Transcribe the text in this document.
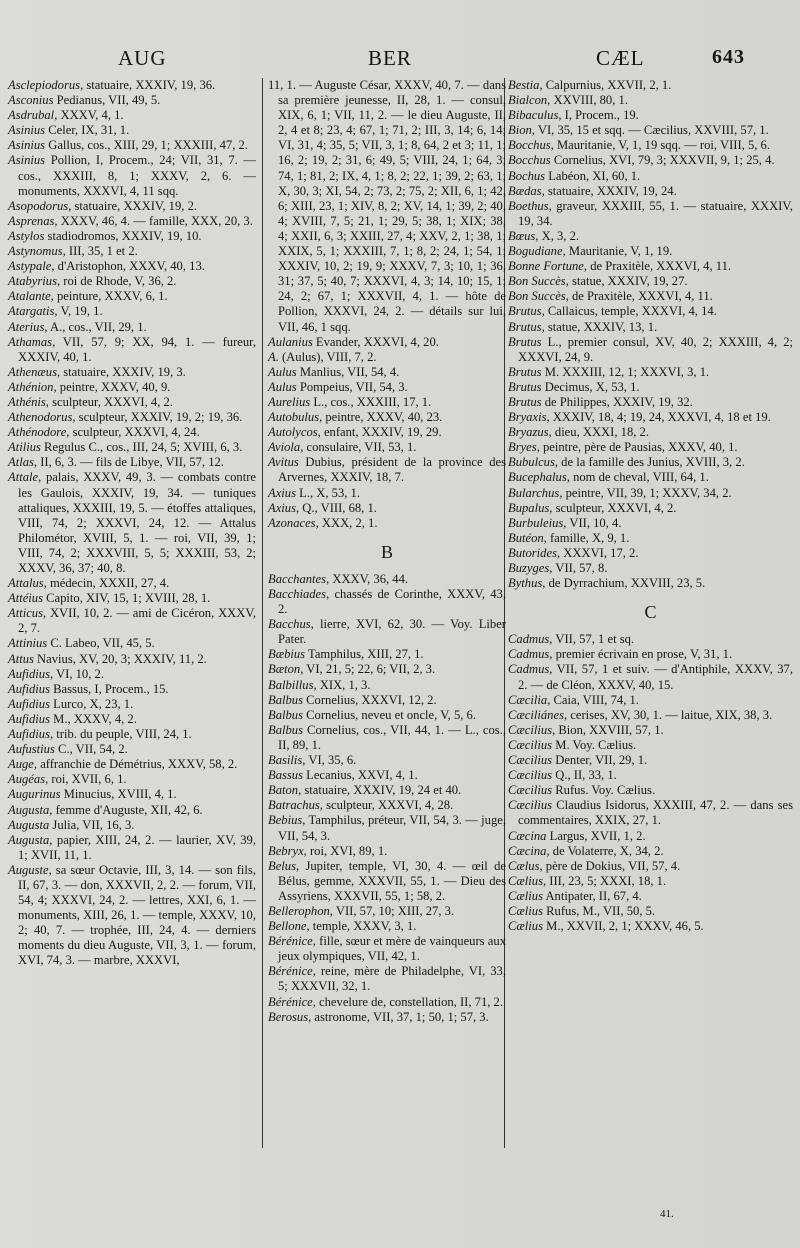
AUG	BER	CÆL	643

Asclepiodorus, statuaire, XXXIV, 19, 36.

Asconius Pedianus, VII, 49, 5.

Asdrubal, XXXV, 4, 1.

Asinius Celer, IX, 31, 1.

Asinius Gallus, cos., XIII, 29, 1; XXXIII, 47, 2.

Asinius Pollion, I, Procem., 24; VII, 31, 7. — cos., XXXIII, 8, 1; XXXV, 2, 6. — monuments, XXXVI, 4, 11 sqq.

Asopodorus, statuaire, XXXIV, 19, 2.

Asprenas, XXXV, 46, 4. — famille, XXX, 20, 3.

Astylos stadiodromos, XXXIV, 19, 10.

Astynomus, III, 35, 1 et 2.

Astypale, d'Aristophon, XXXV, 40, 13.

Atabyrius, roi de Rhode, V, 36, 2.

Atalante, peinture, XXXV, 6, 1.

Atargatis, V, 19, 1.

Aterius, A., cos., VII, 29, 1.

Athamas, VII, 57, 9; XX, 94, 1. — fureur, XXXIV, 40, 1.

Athenæus, statuaire, XXXIV, 19, 3.

Athénion, peintre, XXXV, 40, 9.

Athénis, sculpteur, XXXVI, 4, 2.

Athenodorus, sculpteur, XXXIV, 19, 2; 19, 36.

Athénodore, sculpteur, XXXVI, 4, 24.

Atilius Regulus C., cos., III, 24, 5; XVIII, 6, 3.

Atlas, II, 6, 3. — fils de Libye, VII, 57, 12.

Attale, palais, XXXV, 49, 3. — combats contre les Gaulois, XXXIV, 19, 34. — tuniques attaliques, XXXIII, 19, 5. — étoffes attaliques, VIII, 74, 2; XXXVI, 24, 12. — Attalus Philométor, XVIII, 5, 1. — roi, VII, 39, 1; VIII, 74, 2; XXXVIII, 5, 5; XXXIII, 53, 2; XXXV, 36, 37; 40, 8.

Attalus, médecin, XXXII, 27, 4.

Attéius Capito, XIV, 15, 1; XVIII, 28, 1.

Atticus, XVII, 10, 2. — ami de Cicéron, XXXV, 2, 7.

Attinius C. Labeo, VII, 45, 5.

Attus Navius, XV, 20, 3; XXXIV, 11, 2.

Aufidius, VI, 10, 2.

Aufidius Bassus, I, Procem., 15.

Aufidius Lurco, X, 23, 1.

Aufidius M., XXXV, 4, 2.

Aufidius, trib. du peuple, VIII, 24, 1.

Aufustius C., VII, 54, 2.

Auge, affranchie de Démétrius, XXXV, 58, 2.

Augéas, roi, XVII, 6, 1.

Augurinus Minucius, XVIII, 4, 1.

Augusta, femme d'Auguste, XII, 42, 6.

Augusta Julia, VII, 16, 3.

Augusta, papier, XIII, 24, 2. — laurier, XV, 39, 1; XVII, 11, 1.

Auguste, sa sœur Octavie, III, 3, 14. — son fils, II, 67, 3. — don, XXXVII, 2, 2. — forum, VII, 54, 4; XXXVI, 24, 2. — lettres, XXI, 6, 1. — monuments, XIII, 26, 1. — temple, XXXV, 10, 2; 40, 7. — trophée, III, 24, 4. — derniers moments du dieu Auguste, VII, 3, 1. — forum, XVI, 74, 3. — marbre, XXXVI,

11, 1. — Auguste César, XXXV, 40, 7. — dans sa première jeunesse, II, 28, 1. — consul, XIX, 6, 1; VII, 11, 2. — le dieu Auguste, II, 2, 4 et 8; 23, 4; 67, 1; 71, 2; III, 3, 14; 6, 14; VI, 31, 4; 35, 5; VII, 3, 1; 8, 64, 2 et 3; 11, 1; 16, 2; 19, 2; 31, 6; 49, 5; VIII, 24, 1; 64, 3; 74, 1; 81, 2; IX, 4, 1; 8, 2; 22, 1; 39, 2; 63, 1; X, 30, 3; XI, 54, 2; 73, 2; 75, 2; XII, 6, 1; 42, 6; XIII, 23, 1; XIV, 8, 2; XV, 14, 1; 39, 2; 40, 4; XVIII, 7, 5; 21, 1; 29, 5; 38, 1; XIX; 38, 4; XXII, 6, 3; XXIII, 27, 4; XXV, 2, 1; 38, 1; XXIX, 5, 1; XXXIII, 7, 1; 8, 2; 24, 1; 54, 1; XXXIV, 10, 2; 19, 9; XXXV, 7, 3; 10, 1; 36, 31; 37, 5; 40, 7; XXXVI, 4, 3; 14, 10; 15, 1; 24, 2; 67, 1; XXXVII, 4, 1. — hôte de Pollion, XXXVI, 24, 2. — détails sur lui, VII, 46, 1 sqq.

Aulanius Evander, XXXVI, 4, 20.

A. (Aulus), VIII, 7, 2.

Aulus Manlius, VII, 54, 4.

Aulus Pompeius, VII, 54, 3.

Aurelius L., cos., XXXIII, 17, 1.

Autobulus, peintre, XXXV, 40, 23.

Autolycos, enfant, XXXIV, 19, 29.

Aviola, consulaire, VII, 53, 1.

Avitus Dubius, président de la province des Arvernes, XXXIV, 18, 7.

Axius L., X, 53, 1.

Axius, Q., VIII, 68, 1.

Azonaces, XXX, 2, 1.

B

Bacchantes, XXXV, 36, 44.

Bacchiades, chassés de Corinthe, XXXV, 43, 2.

Bacchus, lierre, XVI, 62, 30. — Voy. Liber Pater.

Bæbius Tamphilus, XIII, 27, 1.

Bæton, VI, 21, 5; 22, 6; VII, 2, 3.

Balbillus, XIX, 1, 3.

Balbus Cornelius, XXXVI, 12, 2.

Balbus Cornelius, neveu et oncle, V, 5, 6.

Balbus Cornelius, cos., VII, 44, 1. — L., cos., II, 89, 1.

Basilis, VI, 35, 6.

Bassus Lecanius, XXVI, 4, 1.

Baton, statuaire, XXXIV, 19, 24 et 40.

Batrachus, sculpteur, XXXVI, 4, 28.

Bebius, Tamphilus, préteur, VII, 54, 3. — juge, VII, 54, 3.

Bebryx, roi, XVI, 89, 1.

Belus, Jupiter, temple, VI, 30, 4. — œil de Bélus, gemme, XXXVII, 55, 1. — Dieu des Assyriens, XXXVII, 55, 1; 58, 2.

Bellerophon, VII, 57, 10; XIII, 27, 3.

Bellone, temple, XXXV, 3, 1.

Bérénice, fille, sœur et mère de vainqueurs aux jeux olympiques, VII, 42, 1.

Bérénice, reine, mère de Philadelphe, VI, 33, 5; XXXVII, 32, 1.

Bérénice, chevelure de, constellation, II, 71, 2.

Berosus, astronome, VII, 37, 1; 50, 1; 57, 3.

Bestia, Calpurnius, XXVII, 2, 1.

Bialcon, XXVIII, 80, 1.

Bibaculus, I, Procem., 19.

Bion, VI, 35, 15 et sqq. — Cæcilius, XXVIII, 57, 1.

Bocchus, Mauritanie, V, 1, 19 sqq. — roi, VIII, 5, 6.

Bocchus Cornelius, XVI, 79, 3; XXXVII, 9, 1; 25, 4.

Bochus Labéon, XI, 60, 1.

Bædas, statuaire, XXXIV, 19, 24.

Boethus, graveur, XXXIII, 55, 1. — statuaire, XXXIV, 19, 34.

Bœus, X, 3, 2.

Bogudiane, Mauritanie, V, 1, 19.

Bonne Fortune, de Praxitèle, XXXVI, 4, 11.

Bon Succès, statue, XXXIV, 19, 27.

Bon Succès, de Praxitèle, XXXVI, 4, 11.

Brutus, Callaicus, temple, XXXVI, 4, 14.

Brutus, statue, XXXIV, 13, 1.

Brutus L., premier consul, XV, 40, 2; XXXIII, 4, 2; XXXVI, 24, 9.

Brutus M. XXXIII, 12, 1; XXXVI, 3, 1.

Brutus Decimus, X, 53, 1.

Brutus de Philippes, XXXIV, 19, 32.

Bryaxis, XXXIV, 18, 4; 19, 24, XXXVI, 4, 18 et 19.

Bryazus, dieu, XXXI, 18, 2.

Bryes, peintre, père de Pausias, XXXV, 40, 1.

Bubulcus, de la famille des Junius, XVIII, 3, 2.

Bucephalus, nom de cheval, VIII, 64, 1.

Bularchus, peintre, VII, 39, 1; XXXV, 34, 2.

Bupalus, sculpteur, XXXVI, 4, 2.

Burbuleius, VII, 10, 4.

Butéon, famille, X, 9, 1.

Butorides, XXXVI, 17, 2.

Buzyges, VII, 57, 8.

Bythus, de Dyrrachium, XXVIII, 23, 5.

C

Cadmus, VII, 57, 1 et sq.

Cadmus, premier écrivain en prose, V, 31, 1.

Cadmus, VII, 57, 1 et suiv. — d'Antiphile, XXXV, 37, 2. — de Cléon, XXXV, 40, 15.

Cæcilia, Caia, VIII, 74, 1.

Cæciliánes, cerises, XV, 30, 1. — laitue, XIX, 38, 3.

Cæcilius, Bion, XXVIII, 57, 1.

Cæcilius M. Voy. Cælius.

Cæcilius Denter, VII, 29, 1.

Cæcilius Q., II, 33, 1.

Cæcilius Rufus. Voy. Cælius.

Cæcilius Claudius Isidorus, XXXIII, 47, 2. — dans ses commentaires, XXIX, 27, 1.

Cæcina Largus, XVII, 1, 2.

Cæcina, de Volaterre, X, 34, 2.

Cælus, père de Dokius, VII, 57, 4.

Cælius, III, 23, 5; XXXI, 18, 1.

Cælius Antipater, II, 67, 4.

Cælius Rufus, M., VII, 50, 5.

Cælius M., XXVII, 2, 1; XXXV, 46, 5.

41.
